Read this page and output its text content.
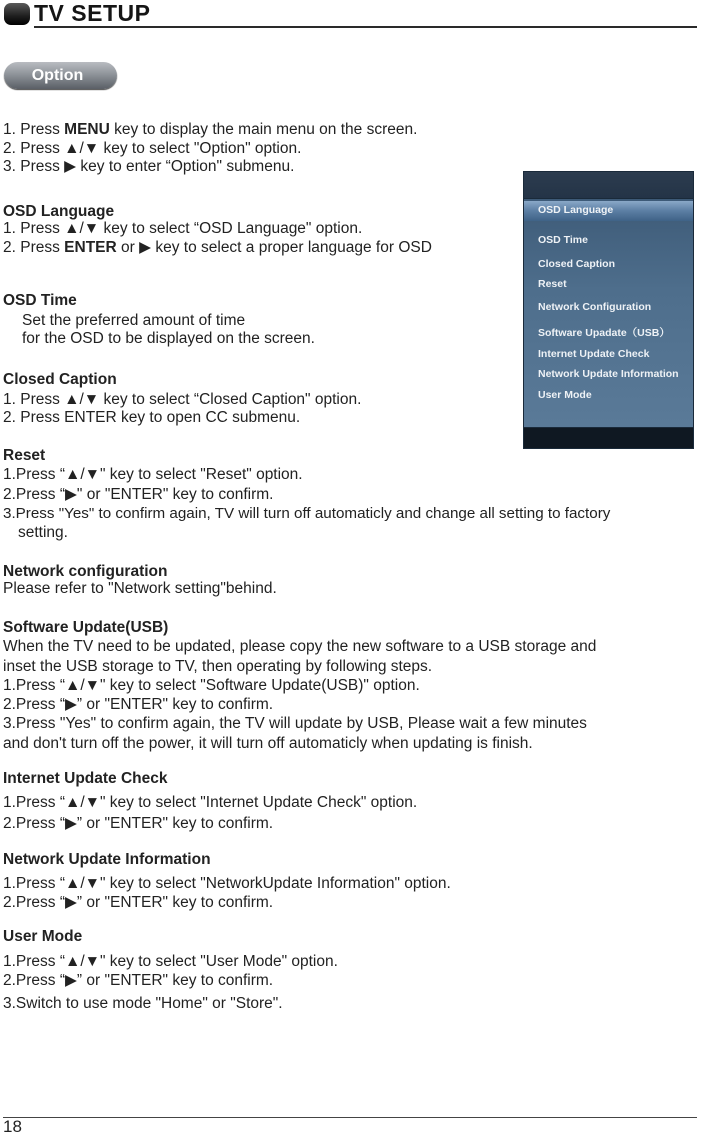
TV SETUP
Option
1. Press MENU key to display the main menu on the screen.
2. Press ▲/▼ key to select "Option" option.
3. Press ▶ key to enter “Option" submenu.
OSD Language
1. Press ▲/▼ key to select “OSD Language" option.
2. Press ENTER or ▶ key to select a proper language for OSD
OSD Time
Set the preferred amount of time
for the OSD to be displayed on the screen.
Closed Caption
1. Press ▲/▼ key to select “Closed Caption" option.
2. Press ENTER key to open CC submenu.
Reset
1.Press “▲/▼" key to select "Reset" option.
2.Press “▶" or "ENTER" key to confirm.
3.Press "Yes" to confirm again, TV will turn off automaticly and change all setting to factory
setting.
Network configuration
Please refer to "Network setting"behind.
Software Update(USB)
When the TV need to be updated, please copy the new software to a USB storage and
inset the USB storage to TV, then operating by following steps.
1.Press “▲/▼" key to select "Software Update(USB)" option.
2.Press “▶” or "ENTER" key to confirm.
3.Press "Yes" to confirm again, the TV will update by USB, Please wait a few minutes
and don't turn off the power, it will turn off automaticly when updating is finish.
Internet Update Check
1.Press “▲/▼" key to select "Internet Update Check" option.
2.Press “▶” or "ENTER" key to confirm.
Network Update Information
1.Press “▲/▼" key to select "NetworkUpdate Information" option.
2.Press “▶” or "ENTER" key to confirm.
User Mode
1.Press “▲/▼" key to select "User Mode" option.
2.Press “▶” or "ENTER" key to confirm.
3.Switch to use mode "Home" or "Store".
OSD Language
OSD Time
Closed Caption
Reset
Network Configuration
Software Upadate（USB）
Internet Update Check
Network Update Information
User Mode
18
